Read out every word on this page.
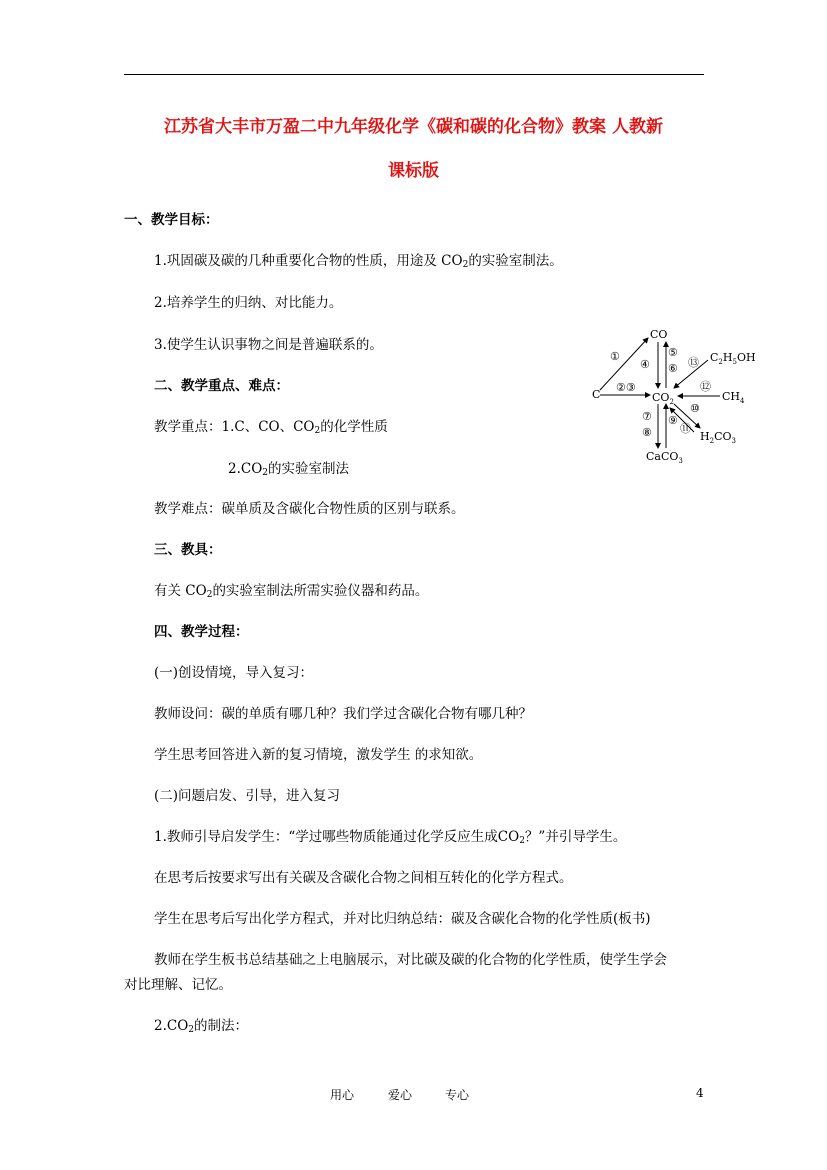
江苏省大丰市万盈二中九年级化学《碳和碳的化合物》教案 人教新
课标版
一、教学目标：
1.巩固碳及碳的几种重要化合物的性质，用途及 $CO_2$的实验室制法。
2.培养学生的归纳、对比能力。
3.使学生认识事物之间是普遍联系的。
二、教学重点、难点：
教学重点：1.C、CO、$CO_2$的化学性质
$2.CO_2$的实验室制法
教学难点：碳单质及含碳化合物性质的区别与联系。
三、教具：
有关 $CO_2$的实验室制法所需实验仪器和药品。
四、教学过程：
(一)创设情境，导入复习：
教师设问：碳的单质有哪几种？我们学过含碳化合物有哪几种？
学生思考回答进入新的复习情境，激发学生 的求知欲。
(二)问题启发、引导，进入复习
1.教师引导启发学生：“学过哪些物质能通过化学反应生成$CO_2$？”并引导学生。
在思考后按要求写出有关碳及含碳化合物之间相互转化的化学方程式。
学生在思考后写出化学方程式，并对比归纳总结：碳及含碳化合物的化学性质(板书)
教师在学生板书总结基础之上电脑展示，对比碳及碳的化合物的化学性质，使学生学会
对比理解、记忆。
$2.CO_2$的制法：
CO
$CO_2$
C
$C_2H_5OH$
$CH_4$
$H_2CO_3$
CaCO$_3$
①
②③
④
⑤
⑥
⑦
⑧
⑨
⑩
⑪
⑫
⑬
用心	爱心	专心	4
